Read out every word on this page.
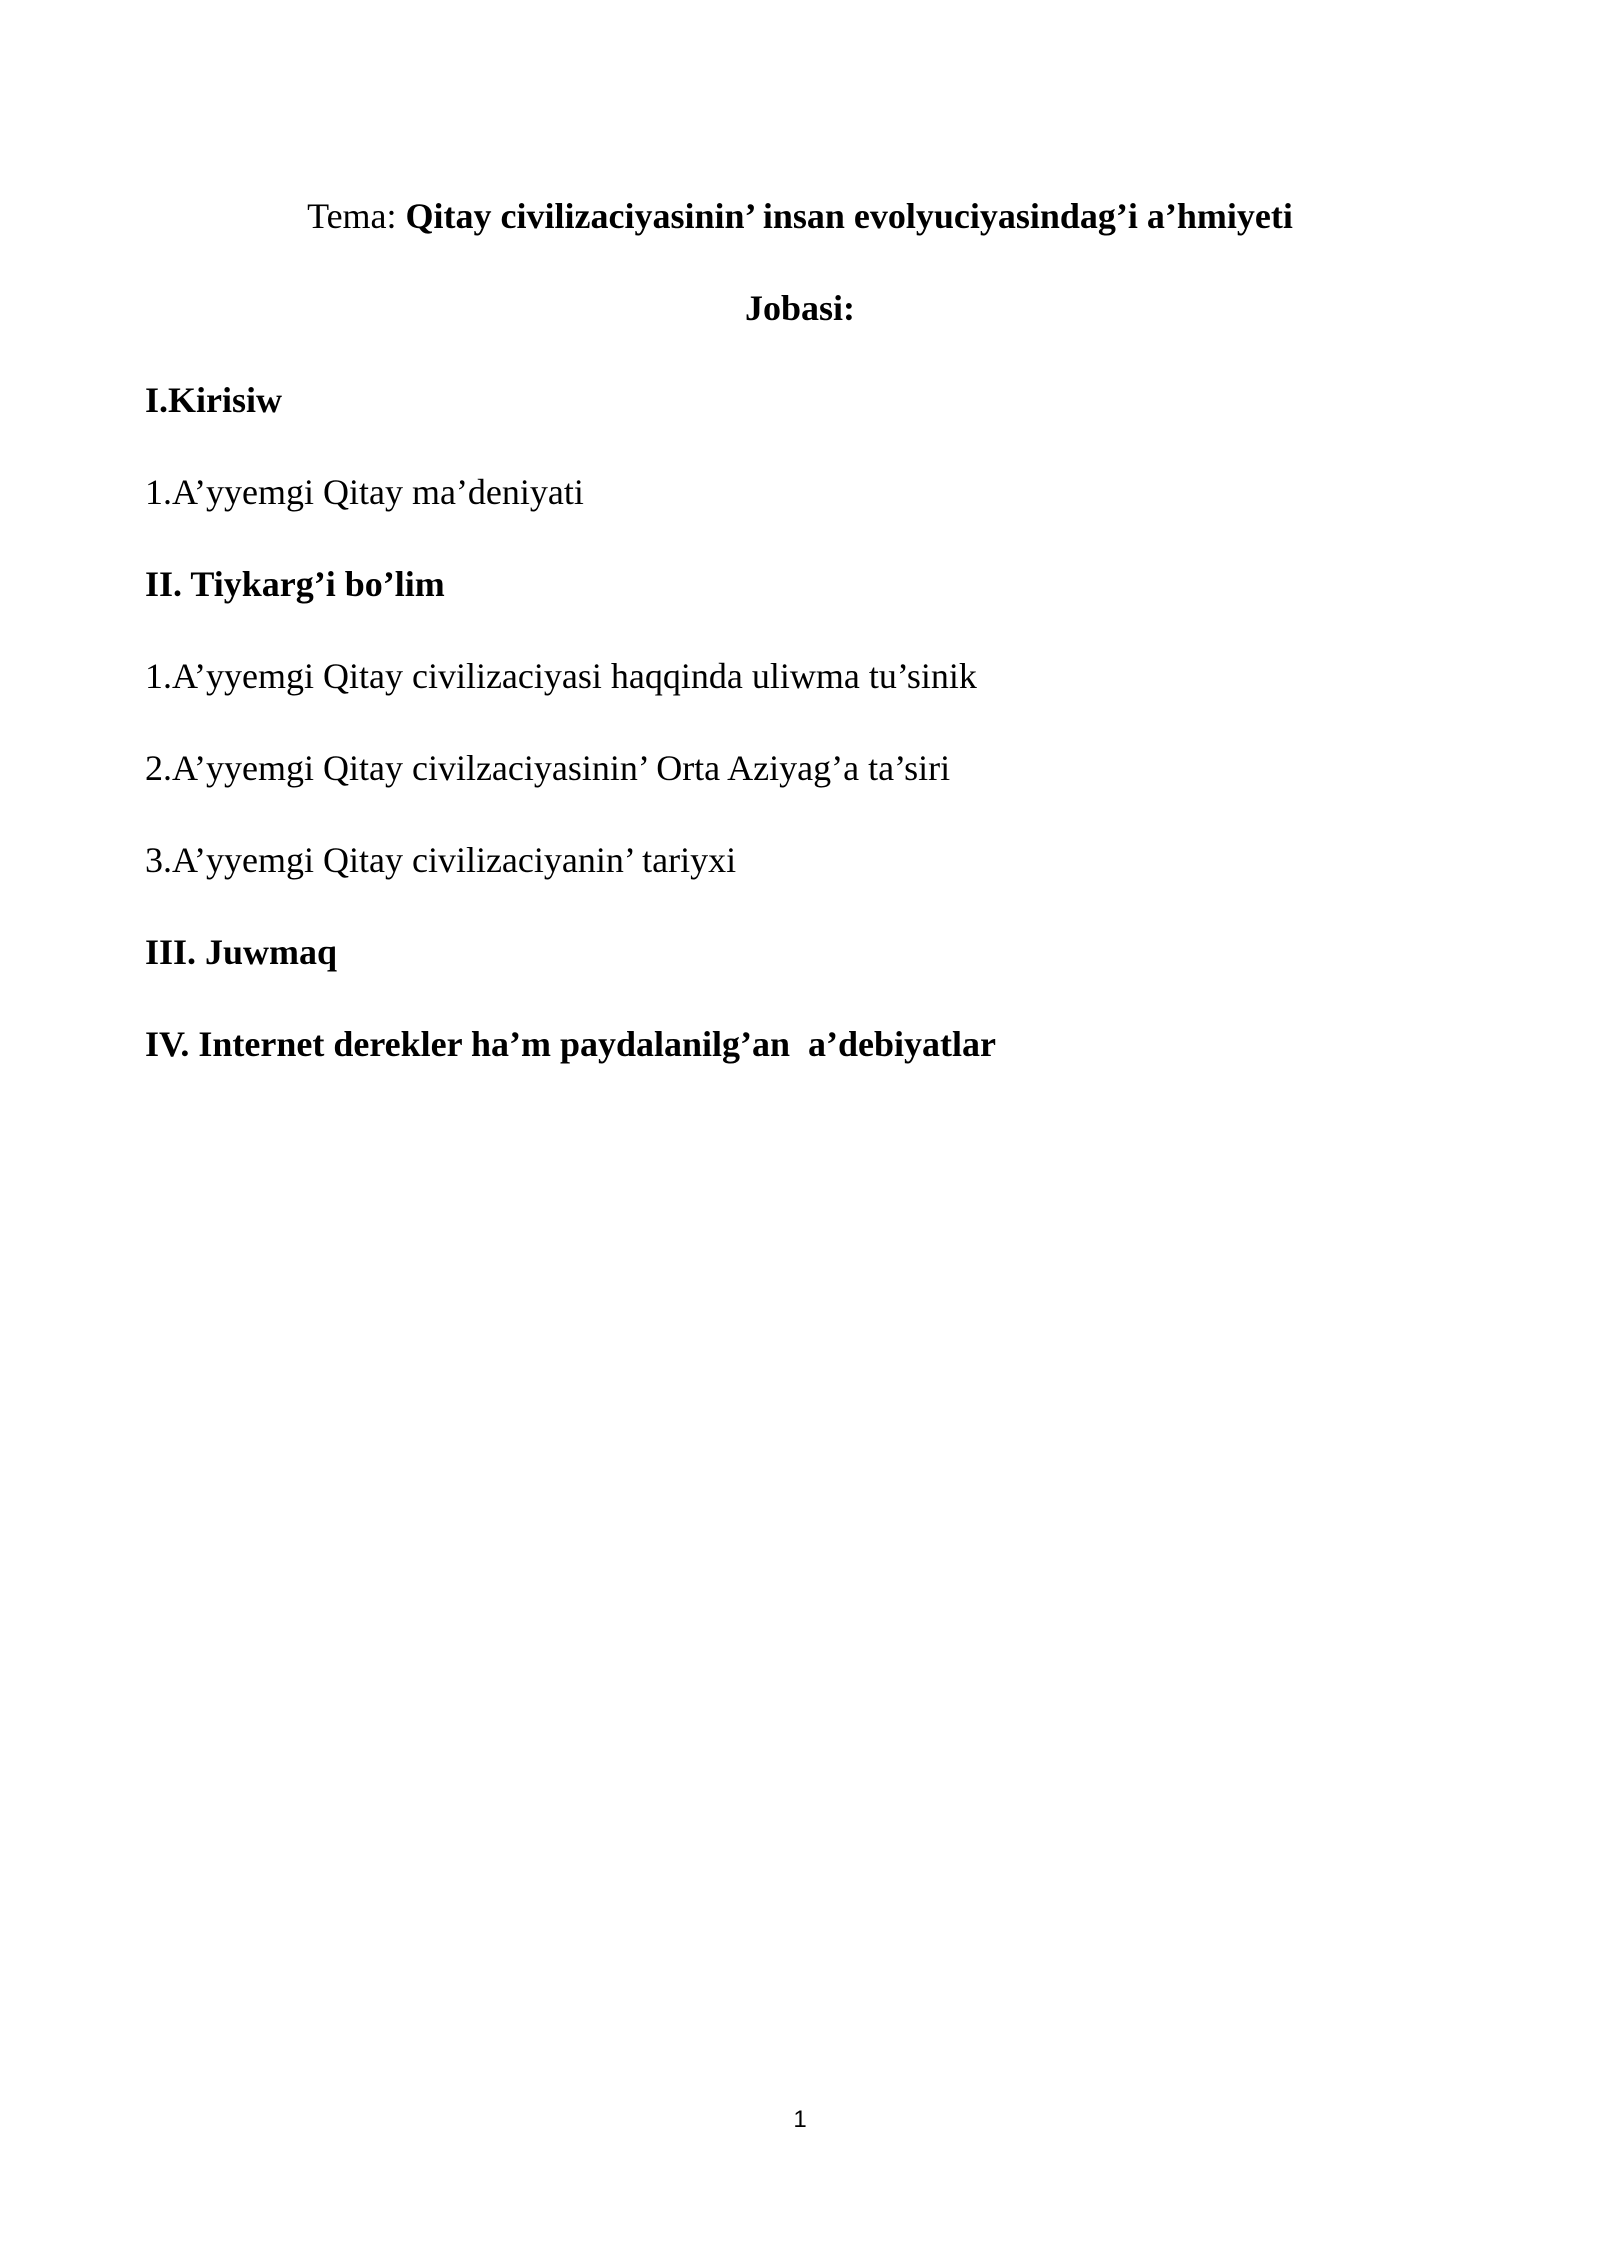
Tema: Qitay civilizaciyasinin’ insan evolyuciyasindag’i a’hmiyeti
Jobasi:
I.Kirisiw
1.A’yyemgi Qitay ma’deniyati
II. Tiykarg’i bo’lim
1.A’yyemgi Qitay civilizaciyasi haqqinda uliwma tu’sinik
2.A’yyemgi Qitay civilzaciyasinin’ Orta Aziyag’a ta’siri
3.A’yyemgi Qitay civilizaciyanin’ tariyxi
III. Juwmaq
IV. Internet derekler ha’m paydalanilg’an  a’debiyatlar
1
